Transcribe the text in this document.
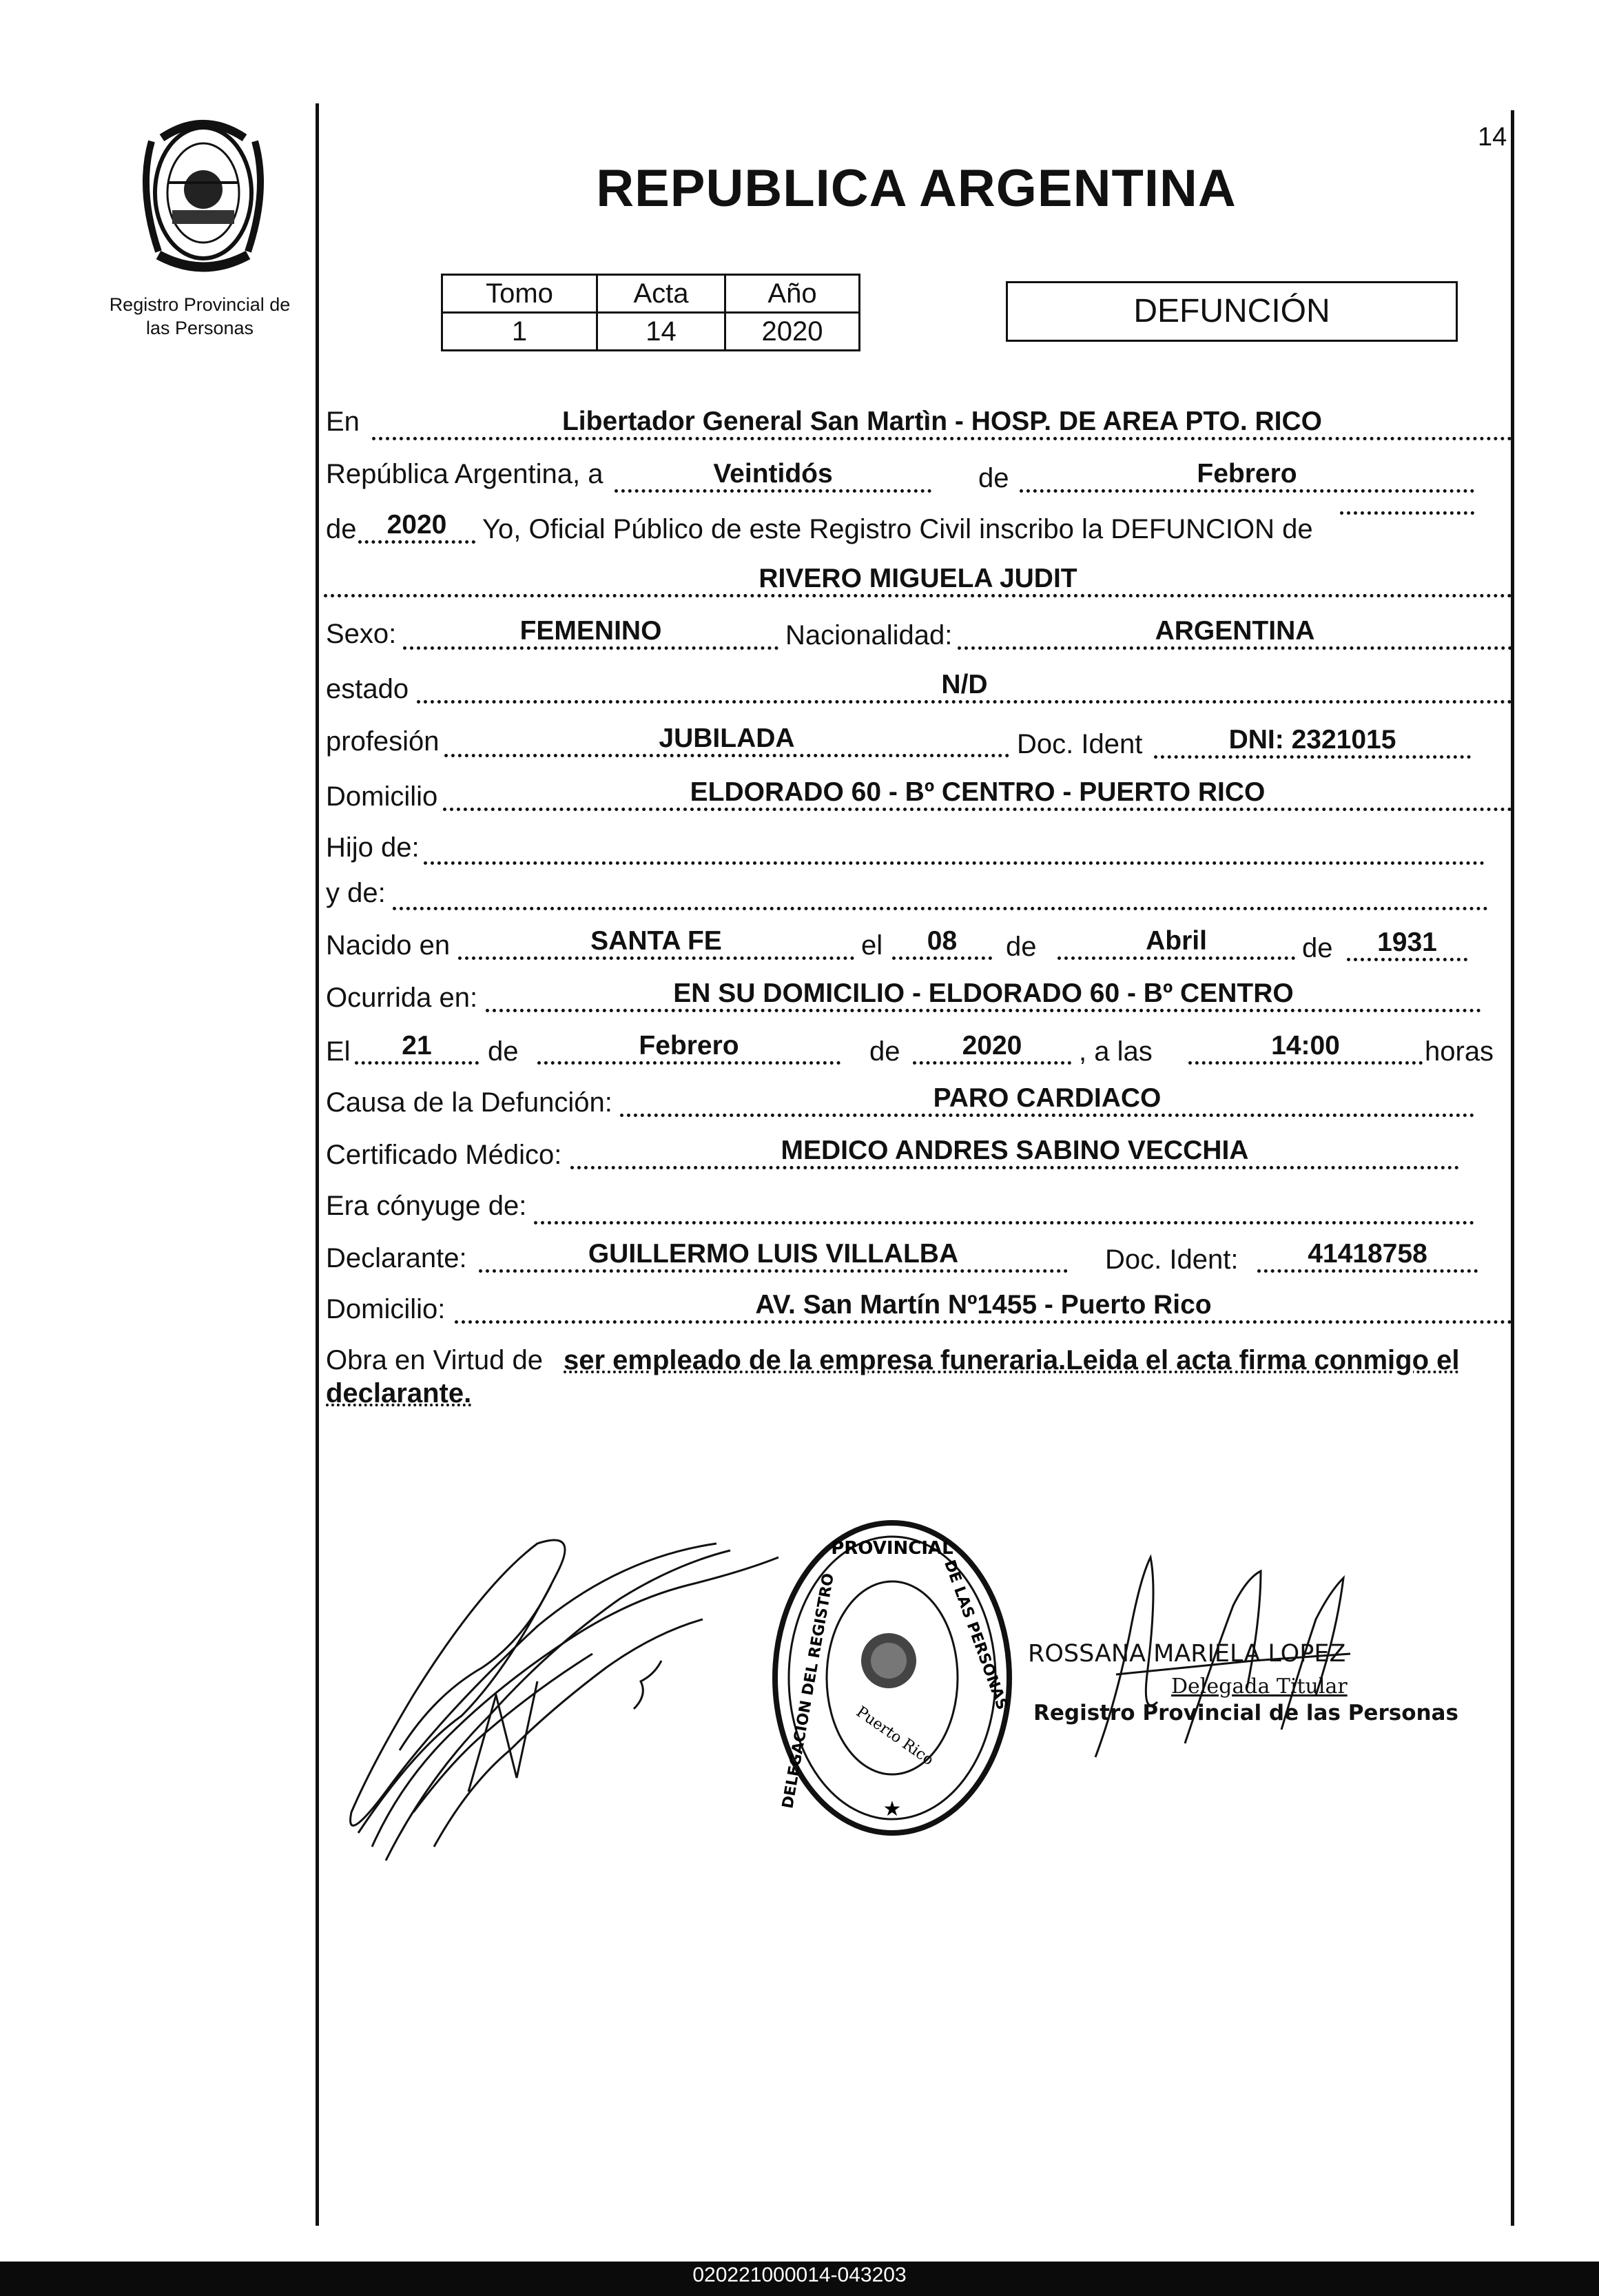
14
Registro Provincial de
las Personas
REPUBLICA ARGENTINA
Tomo	Acta	Año
1	14	2020
DEFUNCIÓN
En	Libertador General San Martìn - HOSP. DE AREA PTO. RICO
República Argentina, a	Veintidós	de	Febrero
de	2020	Yo, Oficial Público de este Registro Civil inscribo la DEFUNCION de
RIVERO MIGUELA JUDIT
Sexo:	FEMENINO	Nacionalidad:	ARGENTINA
estado	N/D
profesión	JUBILADA	Doc. Ident	DNI: 2321015
Domicilio	ELDORADO 60 - Bº CENTRO - PUERTO RICO
Hijo de:
y de:
Nacido en	SANTA FE	el	08	de	Abril	de	1931
Ocurrida en:	EN SU DOMICILIO - ELDORADO 60 - Bº CENTRO
El	21	de	Febrero	de	2020	, a las	14:00	horas
Causa de la Defunción:	PARO CARDIACO
Certificado Médico:	MEDICO ANDRES SABINO VECCHIA
Era cónyuge de:
Declarante:	GUILLERMO LUIS VILLALBA	Doc. Ident:	41418758
Domicilio:	AV. San Martín Nº1455 - Puerto Rico
Obra en Virtud de ser empleado de la empresa funeraria.Leida el acta firma conmigo el
declarante.
PROVINCIAL
DE LAS PERSONAS
DELEGACION DEL REGISTRO Puerto Rico
★
ROSSANA MARIELA LOPEZ
Delegada Titular
Registro Provincial de las Personas
020221000014-043203
